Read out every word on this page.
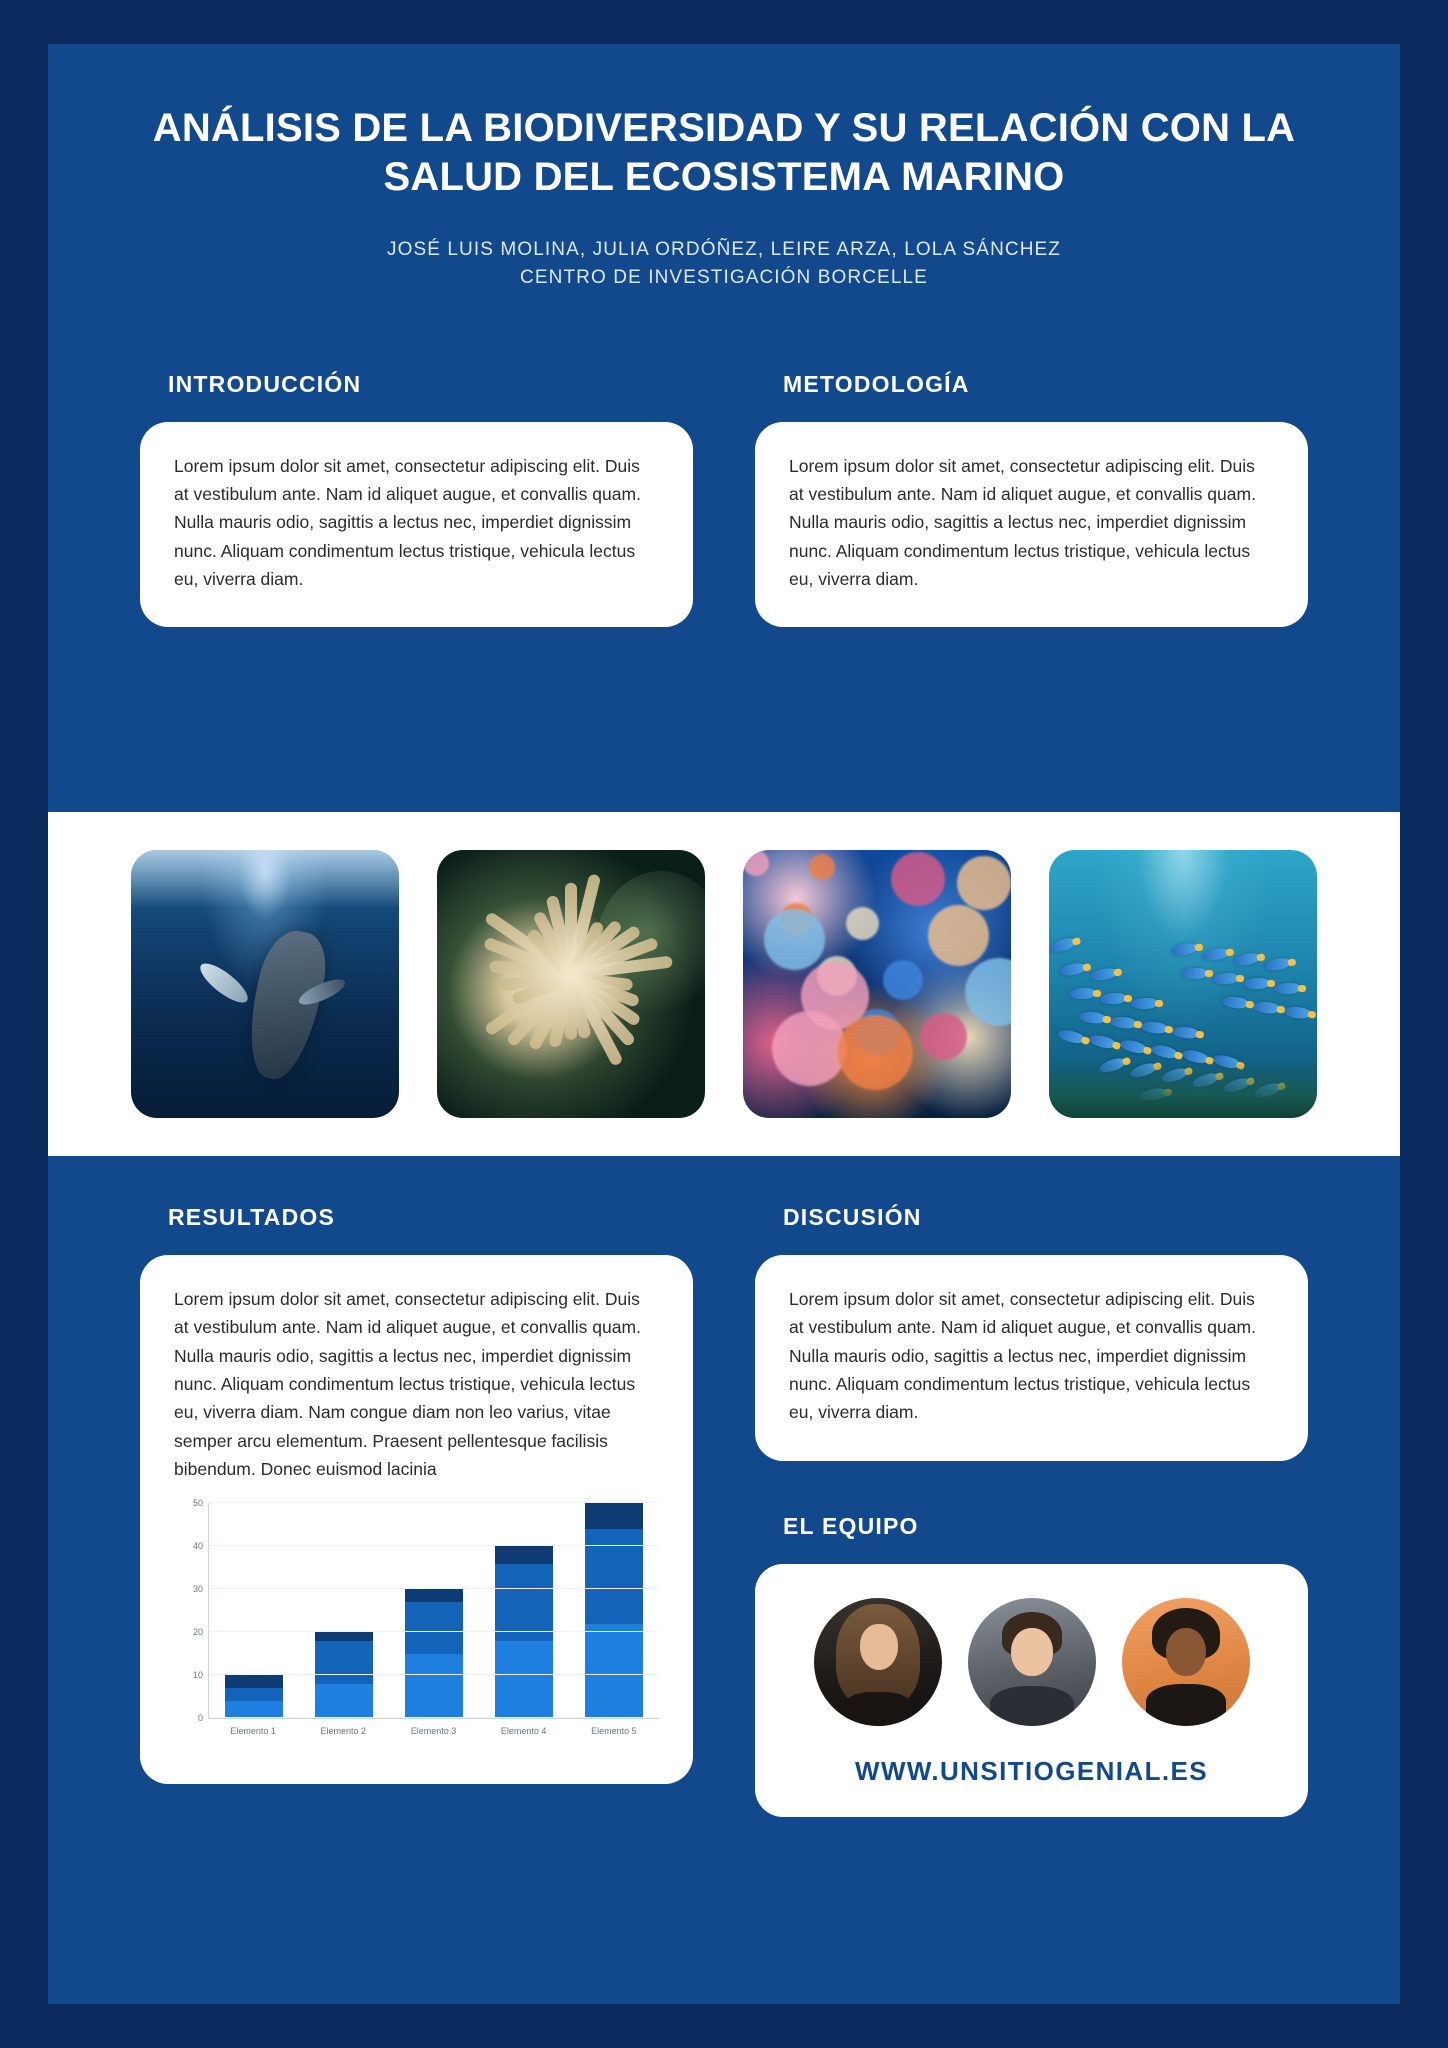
ANÁLISIS DE LA BIODIVERSIDAD Y SU RELACIÓN CON LA SALUD DEL ECOSISTEMA MARINO
JOSÉ LUIS MOLINA, JULIA ORDÓÑEZ, LEIRE ARZA, LOLA SÁNCHEZ
CENTRO DE INVESTIGACIÓN BORCELLE
INTRODUCCIÓN

Lorem ipsum dolor sit amet, consectetur adipiscing elit. Duis at vestibulum ante. Nam id aliquet augue, et convallis quam. Nulla mauris odio, sagittis a lectus nec, imperdiet dignissim nunc. Aliquam condimentum lectus tristique, vehicula lectus eu, viverra diam.

METODOLOGÍA

Lorem ipsum dolor sit amet, consectetur adipiscing elit. Duis at vestibulum ante. Nam id aliquet augue, et convallis quam. Nulla mauris odio, sagittis a lectus nec, imperdiet dignissim nunc. Aliquam condimentum lectus tristique, vehicula lectus eu, viverra diam.

RESULTADOS

Lorem ipsum dolor sit amet, consectetur adipiscing elit. Duis at vestibulum ante. Nam id aliquet augue, et convallis quam. Nulla mauris odio, sagittis a lectus nec, imperdiet dignissim nunc. Aliquam condimentum lectus tristique, vehicula lectus eu, viverra diam. Nam congue diam non leo varius, vitae semper arcu elementum. Praesent pellentesque facilisis bibendum. Donec euismod lacinia

0
10
20
30
40
50
Elemento 1	Elemento 2	Elemento 3	Elemento 4	Elemento 5
DISCUSIÓN

Lorem ipsum dolor sit amet, consectetur adipiscing elit. Duis at vestibulum ante. Nam id aliquet augue, et convallis quam. Nulla mauris odio, sagittis a lectus nec, imperdiet dignissim nunc. Aliquam condimentum lectus tristique, vehicula lectus eu, viverra diam.

EL EQUIPO
WWW.UNSITIOGENIAL.ES
